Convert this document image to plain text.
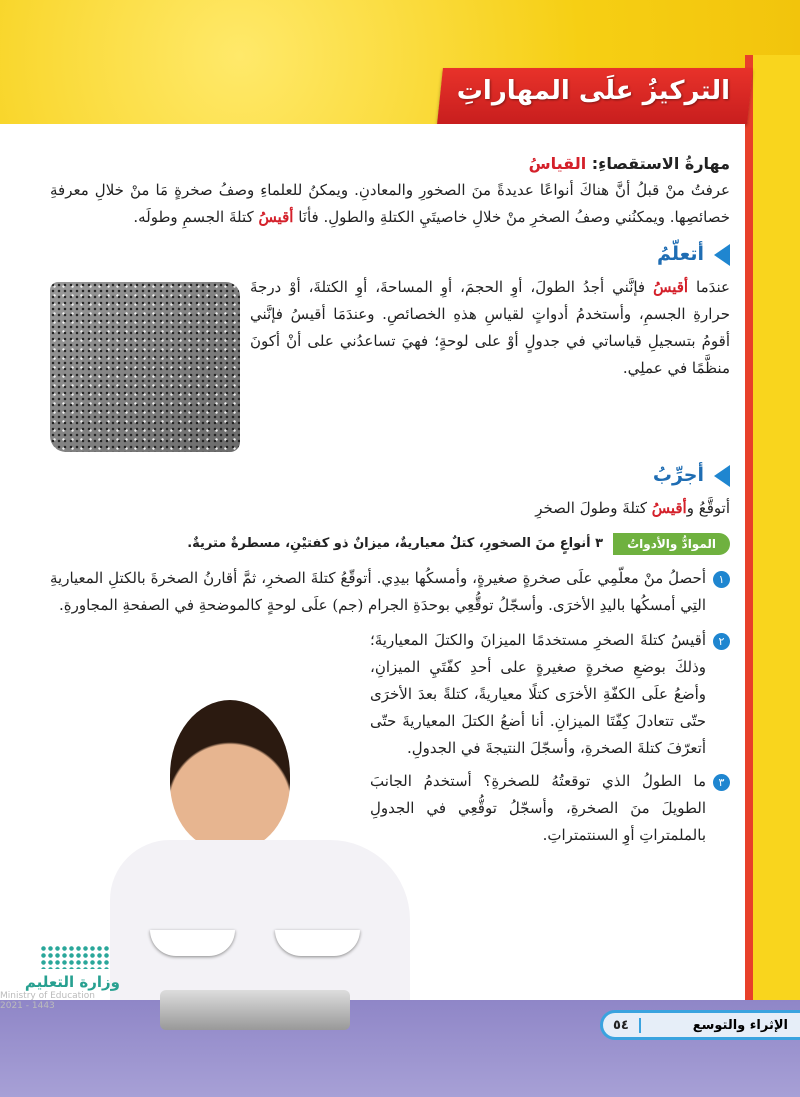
التركيزُ علَى المهاراتِ

مهارةُ الاستقصاءِ: القياسُ

عرفتُ منْ قبلُ أنَّ هناكَ أنواعًا عديدةً منَ الصخورِ والمعادنِ. ويمكنُ للعلماءِ وصفُ صخرةٍ مَا منْ خلالِ معرفةِ خصائصِها. ويمكنُني وصفُ الصخرِ منْ خلالِ خاصيتَيِ الكتلةِ والطولِ. فأنَا أقيسُ كتلةَ الجسمِ وطولَه.

أتعلّمُ

عندَما أقيسُ فإنَّني أجدُ الطولَ، أوِ الحجمَ، أوِ المساحةَ، أوِ الكتلةَ، أوْ درجةَ حرارةِ الجسمِ، وأستخدمُ أدواتٍ لقياسِ هذهِ الخصائصِ. وعندَمَا أقيسُ فإنَّني أقومُ بتسجيلِ قياساتي في جدولٍ أوْ على لوحةٍ؛ فهيَ تساعدُني على أنْ أكونَ منظَّمًا في عملِي.

أجرِّبُ

أتوقَّعُ وأقيسُ كتلةَ وطولَ الصخرِ

الموادُّ والأدواتُ
٣ أنواعٍ منَ الصخورِ، كتلٌ معياريةٌ، ميزانٌ ذو كفتيْنِ، مسطرةٌ متريةٌ.
١
أحصلُ منْ معلّمِي علَى صخرةٍ صغيرةٍ، وأمسكُها بيدِي. أتوقّعُ كتلةَ الصخرِ، ثمَّ أقارنُ الصخرةَ بالكتلِ المعياريةِ التِي أمسكُها باليدِ الأخرَى. وأسجّلُ توقُّعِي بوحدَةِ الجرام (جم) علَى لوحةٍ كالموضحةِ في الصفحةِ المجاورةِ.
٢
أقيسُ كتلةَ الصخرِ مستخدمًا الميزانَ والكتلَ المعياريةَ؛ وذلكَ بوضعِ صخرةٍ صغيرةٍ على أحدِ كفّتَيِ الميزانِ، وأضعُ علَى الكفّةِ الأخرَى كتلًا معياريةً، كتلةً بعدَ الأخرَى حتّى تتعادلَ كِفّتَا الميزانِ. أنا أضعُ الكتلَ المعياريةَ حتّى أتعرّفَ كتلةَ الصخرةِ، وأسجّلَ النتيجةَ في الجدولِ.
٣
ما الطولُ الذي توقعتُهُ للصخرةِ؟ أستخدمُ الجانبَ الطويلَ منَ الصخرةِ، وأسجّلُ توقُّعِي في الجدولِ بالملمتراتِ أوِ السنتمتراتِ.
وزارة التعليم
Ministry of Education
2021 - 1443
الإثراء والتوسع
٥٤
